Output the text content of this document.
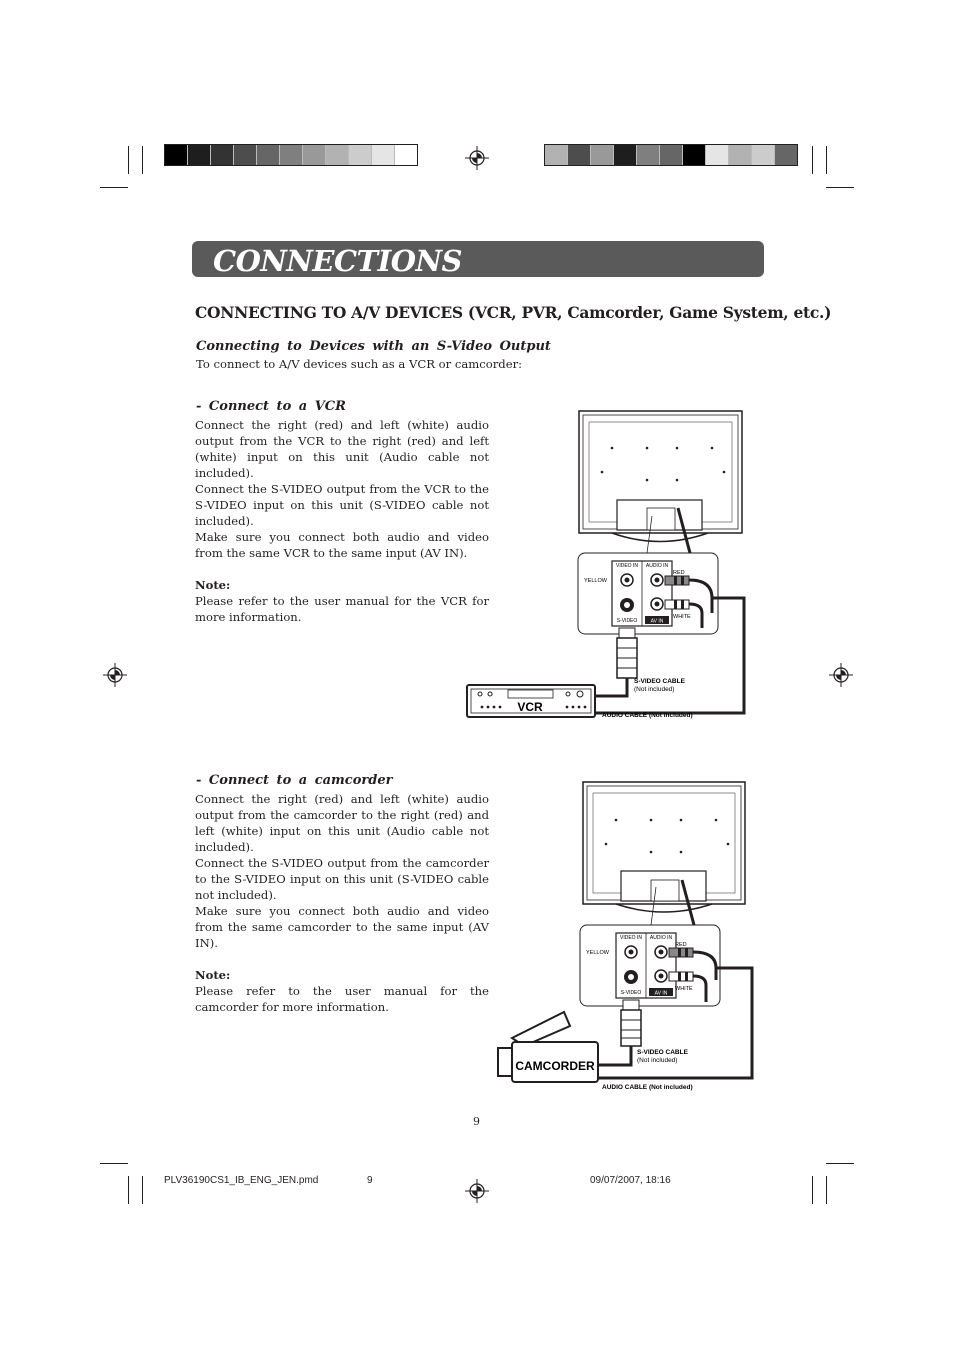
CONNECTIONS
CONNECTING TO A/V DEVICES (VCR, PVR, Camcorder, Game System, etc.)
Connecting to Devices with an S-Video Output
To connect to A/V devices such as a VCR or camcorder:
- Connect to a VCR
Connect the right (red) and left (white) audio output from the VCR to the right (red) and left (white) input on this unit (Audio cable not included).
Connect the S-VIDEO output from the VCR to the S-VIDEO input on this unit (S-VIDEO cable not included).
Make sure you connect both audio and video from the same VCR to the same input (AV IN).
Note:
Please refer to the user manual for the VCR for more information.
VIDEO IN AUDIO IN
S-VIDEO	AV IN
YELLOW
RED
WHITE
S-VIDEO CABLE
(Not included)
AUDIO CABLE (Not included)
VCR
- Connect to a camcorder
Connect the right (red) and left (white) audio output from the camcorder to the right (red) and left (white) input on this unit (Audio cable not included).
Connect the S-VIDEO output from the camcorder to the S-VIDEO input on this unit (S-VIDEO cable not included).
Make sure you connect both audio and video from the same camcorder to the same input (AV IN).
Note:
Please refer to the user manual for the camcorder for more information.
VIDEO IN AUDIO IN
S-VIDEO	AV IN
YELLOW
RED
WHITE
S-VIDEO CABLE
(Not included)
AUDIO CABLE (Not included)
CAMCORDER
9
PLV36190CS1_IB_ENG_JEN.pmd	9	09/07/2007, 18:16
